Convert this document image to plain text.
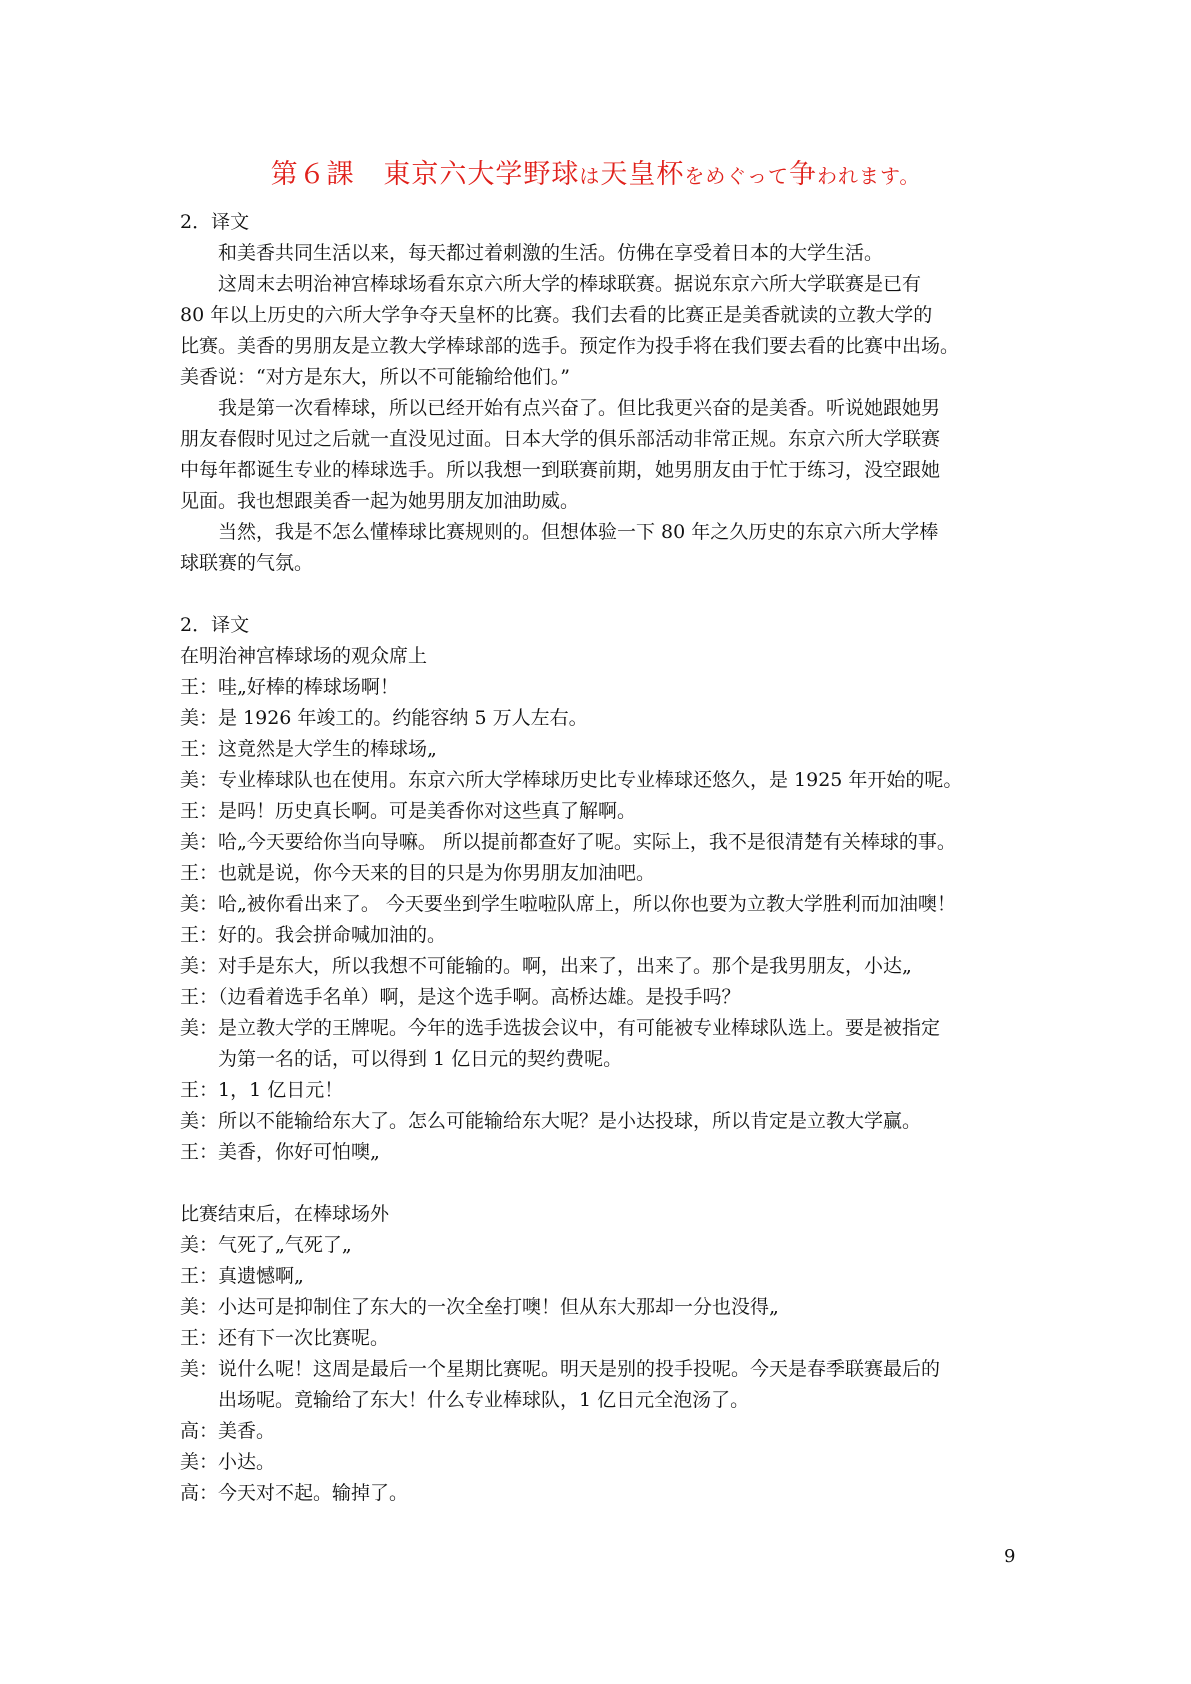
第６課 東京六大学野球は天皇杯をめぐって争われます。
2．译文
和美香共同生活以来，每天都过着刺激的生活。仿佛在享受着日本的大学生活。
这周末去明治神宫棒球场看东京六所大学的棒球联赛。据说东京六所大学联赛是已有
80 年以上历史的六所大学争夺天皇杯的比赛。我们去看的比赛正是美香就读的立教大学的
比赛。美香的男朋友是立教大学棒球部的选手。预定作为投手将在我们要去看的比赛中出场。
美香说：“对方是东大，所以不可能输给他们。”
我是第一次看棒球，所以已经开始有点兴奋了。但比我更兴奋的是美香。听说她跟她男
朋友春假时见过之后就一直没见过面。日本大学的俱乐部活动非常正规。东京六所大学联赛
中每年都诞生专业的棒球选手。所以我想一到联赛前期，她男朋友由于忙于练习，没空跟她
见面。我也想跟美香一起为她男朋友加油助威。
当然，我是不怎么懂棒球比赛规则的。但想体验一下 80 年之久历史的东京六所大学棒
球联赛的气氛。
2．译文
在明治神宫棒球场的观众席上
王：哇„好棒的棒球场啊！
美：是 1926 年竣工的。约能容纳 5 万人左右。
王：这竟然是大学生的棒球场„
美：专业棒球队也在使用。东京六所大学棒球历史比专业棒球还悠久，是 1925 年开始的呢。
王：是吗！历史真长啊。可是美香你对这些真了解啊。
美：哈„今天要给你当向导嘛。 所以提前都查好了呢。实际上，我不是很清楚有关棒球的事。
王：也就是说，你今天来的目的只是为你男朋友加油吧。
美：哈„被你看出来了。 今天要坐到学生啦啦队席上，所以你也要为立教大学胜利而加油噢！
王：好的。我会拼命喊加油的。
美：对手是东大，所以我想不可能输的。啊，出来了，出来了。那个是我男朋友，小达„
王：（边看着选手名单）啊，是这个选手啊。高桥达雄。是投手吗？
美：是立教大学的王牌呢。今年的选手选拔会议中，有可能被专业棒球队选上。要是被指定
为第一名的话，可以得到 1 亿日元的契约费呢。
王：1，1 亿日元！
美：所以不能输给东大了。怎么可能输给东大呢？是小达投球，所以肯定是立教大学赢。
王：美香，你好可怕噢„
比赛结束后，在棒球场外
美：气死了„气死了„
王：真遗憾啊„
美：小达可是抑制住了东大的一次全垒打噢！但从东大那却一分也没得„
王：还有下一次比赛呢。
美：说什么呢！这周是最后一个星期比赛呢。明天是别的投手投呢。今天是春季联赛最后的
出场呢。竟输给了东大！什么专业棒球队，1 亿日元全泡汤了。
高：美香。
美：小达。
高：今天对不起。输掉了。
9
